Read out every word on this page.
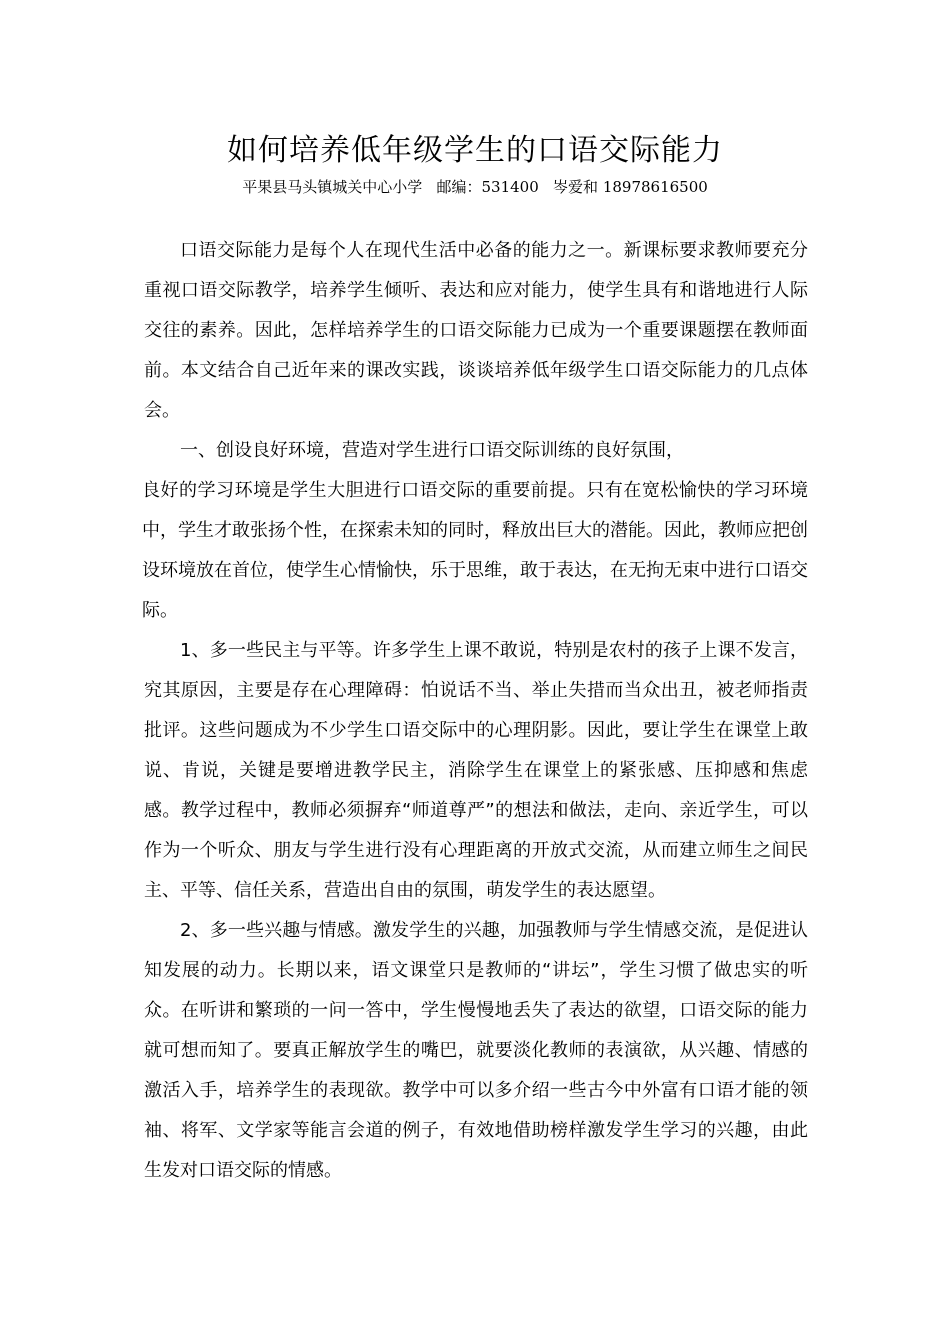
如何培养低年级学生的口语交际能力
平果县马头镇城关中心小学   邮编：531400   岑爱和 18978616500

口语交际能力是每个人在现代生活中必备的能力之一。新课标要求教师要充分重视口语交际教学，培养学生倾听、表达和应对能力，使学生具有和谐地进行人际交往的素养。因此，怎样培养学生的口语交际能力已成为一个重要课题摆在教师面前。本文结合自己近年来的课改实践，谈谈培养低年级学生口语交际能力的几点体会。

一、创设良好环境，营造对学生进行口语交际训练的良好氛围，

良好的学习环境是学生大胆进行口语交际的重要前提。只有在宽松愉快的学习环境中，学生才敢张扬个性，在探索未知的同时，释放出巨大的潜能。因此，教师应把创设环境放在首位，使学生心情愉快，乐于思维，敢于表达，在无拘无束中进行口语交际。

1、多一些民主与平等。许多学生上课不敢说，特别是农村的孩子上课不发言，究其原因，主要是存在心理障碍：怕说话不当、举止失措而当众出丑，被老师指责批评。这些问题成为不少学生口语交际中的心理阴影。因此，要让学生在课堂上敢说、肯说，关键是要增进教学民主，消除学生在课堂上的紧张感、压抑感和焦虑感。教学过程中，教师必须摒弃“师道尊严”的想法和做法，走向、亲近学生，可以作为一个听众、朋友与学生进行没有心理距离的开放式交流，从而建立师生之间民主、平等、信任关系，营造出自由的氛围，萌发学生的表达愿望。

2、多一些兴趣与情感。激发学生的兴趣，加强教师与学生情感交流，是促进认知发展的动力。长期以来，语文课堂只是教师的“讲坛”，学生习惯了做忠实的听众。在听讲和繁琐的一问一答中，学生慢慢地丢失了表达的欲望，口语交际的能力就可想而知了。要真正解放学生的嘴巴，就要淡化教师的表演欲，从兴趣、情感的激活入手，培养学生的表现欲。教学中可以多介绍一些古今中外富有口语才能的领袖、将军、文学家等能言会道的例子，有效地借助榜样激发学生学习的兴趣，由此生发对口语交际的情感。
